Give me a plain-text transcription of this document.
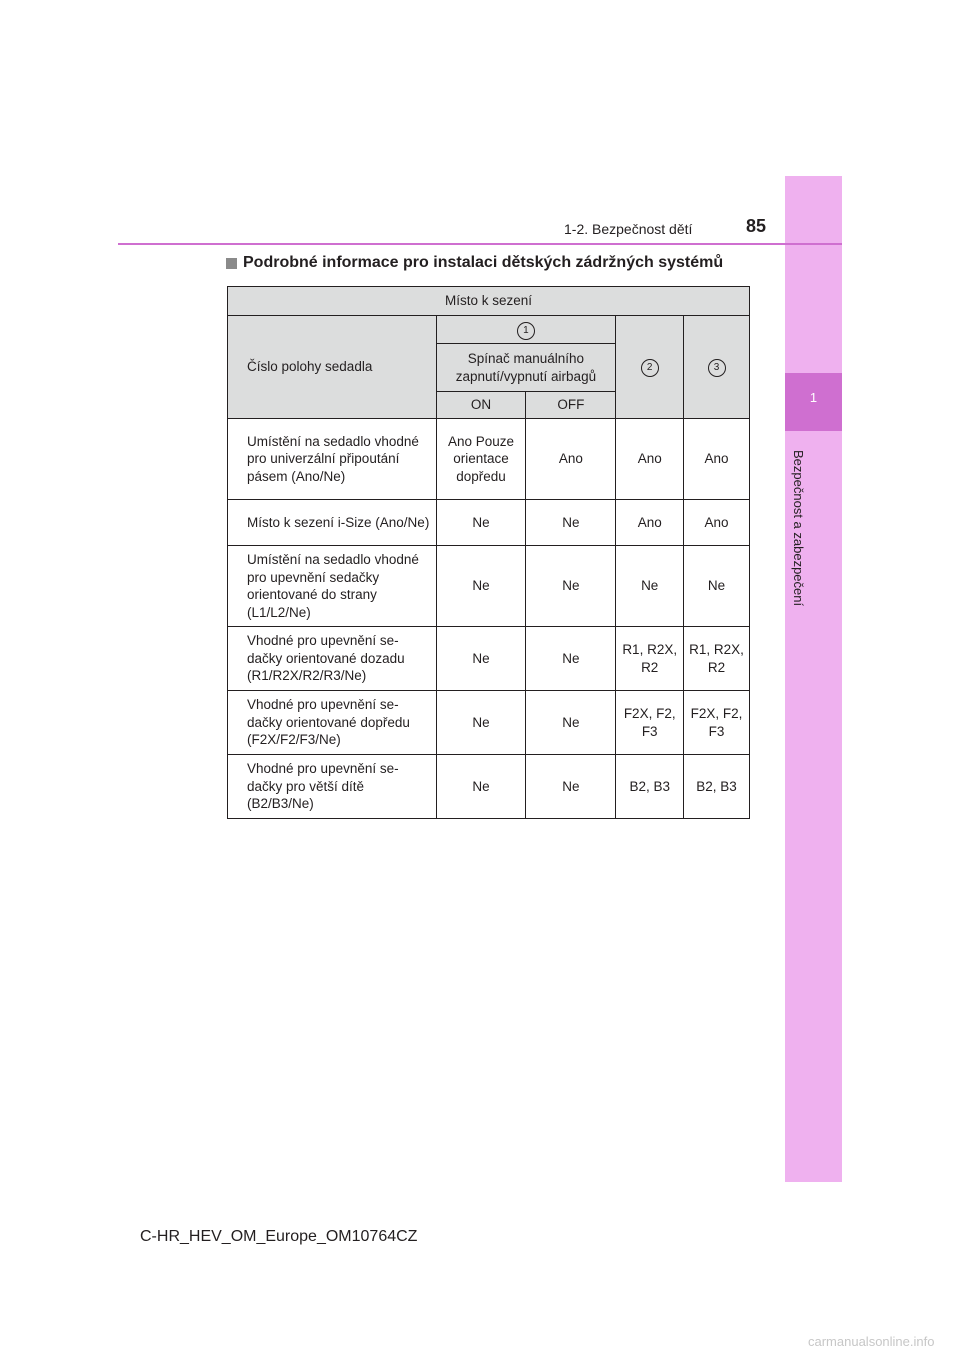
1
Bezpečnost a zabezpečení
1-2. Bezpečnost dětí	85
Podrobné informace pro instalaci dětských zádržných systémů
Místo k sezení				
Číslo polohy sedadla	1		2	3
	Spínač manuálního zapnutí/vypnutí airbagů			
	ON	OFF		
Umístění na sedadlo vhodné pro univerzální připoutání pásem (Ano/Ne)	Ano Pouze orientace dopředu	Ano	Ano	Ano
Místo k sezení i-Size (Ano/Ne)	Ne	Ne	Ano	Ano
Umístění na sedadlo vhodné pro upevnění sedačky orientované do strany (L1/L2/Ne)	Ne	Ne	Ne	Ne
Vhodné pro upevnění se-dačky orientované dozadu (R1/R2X/R2/R3/Ne)	Ne	Ne	R1, R2X, R2	R1, R2X, R2
Vhodné pro upevnění se-dačky orientované dopředu (F2X/F2/F3/Ne)	Ne	Ne	F2X, F2, F3	F2X, F2, F3
Vhodné pro upevnění se-dačky pro větší dítě (B2/B3/Ne)	Ne	Ne	B2, B3	B2, B3
C-HR_HEV_OM_Europe_OM10764CZ
carmanualsonline.info
